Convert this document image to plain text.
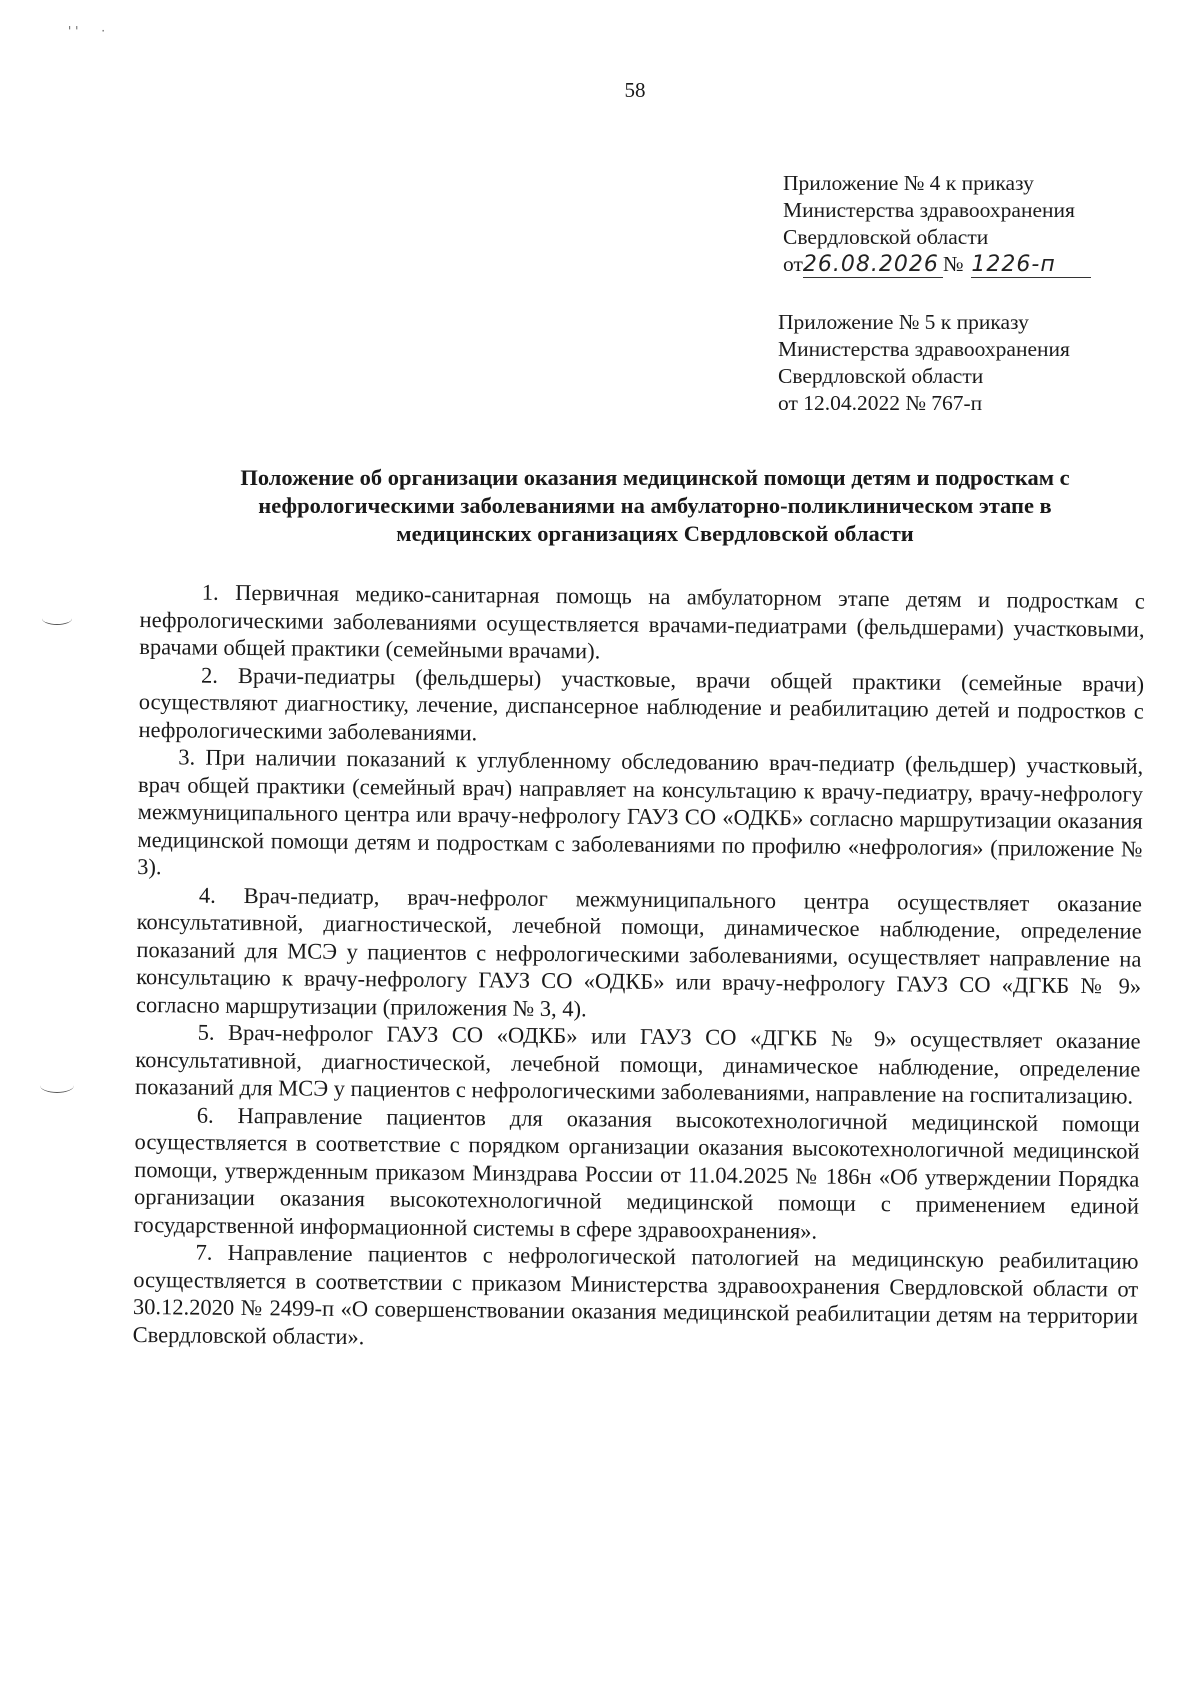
' '      ·
58
Приложение № 4 к приказу
Министерства здравоохранения
Свердловской области
от26.08.2026 № 1226-п
Приложение № 5 к приказу
Министерства здравоохранения
Свердловской области
от 12.04.2022 № 767-п
Положение об организации оказания медицинской помощи детям и подросткам с
нефрологическими заболеваниями на амбулаторно-поликлиническом этапе в
медицинских организациях Свердловской области

1. Первичная медико-санитарная помощь на амбулаторном этапе детям и подросткам с нефрологическими заболеваниями осуществляется врачами-педиатрами (фельдшерами) участковыми, врачами общей практики (семейными врачами).

2. Врачи-педиатры (фельдшеры) участковые, врачи общей практики (семейные врачи) осуществляют диагностику, лечение, диспансерное наблюдение и реабилитацию детей и подростков с нефрологическими заболеваниями.

3. При наличии показаний к углубленному обследованию врач-педиатр (фельдшер) участковый, врач общей практики (семейный врач) направляет на консультацию к врачу-педиатру, врачу-нефрологу межмуниципального центра или врачу-нефрологу ГАУЗ СО «ОДКБ» согласно маршрутизации оказания медицинской помощи детям и подросткам с заболеваниями по профилю «нефрология» (приложение № 3).

4. Врач-педиатр, врач-нефролог межмуниципального центра осуществляет оказание консультативной, диагностической, лечебной помощи, динамическое наблюдение, определение показаний для МСЭ у пациентов с нефрологическими заболеваниями, осуществляет направление на консультацию к врачу-нефрологу ГАУЗ СО «ОДКБ» или врачу-нефрологу ГАУЗ СО «ДГКБ № 9» согласно маршрутизации (приложения № 3, 4).

5. Врач-нефролог ГАУЗ СО «ОДКБ» или ГАУЗ СО «ДГКБ № 9» осуществляет оказание консультативной, диагностической, лечебной помощи, динамическое наблюдение, определение показаний для МСЭ у пациентов с нефрологическими заболеваниями, направление на госпитализацию.

6. Направление пациентов для оказания высокотехнологичной медицинской помощи осуществляется в соответствие с порядком организации оказания высокотехнологичной медицинской помощи, утвержденным приказом Минздрава России от 11.04.2025 № 186н «Об утверждении Порядка организации оказания высокотехнологичной медицинской помощи с применением единой государственной информационной системы в сфере здравоохранения».

7. Направление пациентов с нефрологической патологией на медицинскую реабилитацию осуществляется в соответствии с приказом Министерства здравоохранения Свердловской области от 30.12.2020 № 2499-п «О совершенствовании оказания медицинской реабилитации детям на территории Свердловской области».
